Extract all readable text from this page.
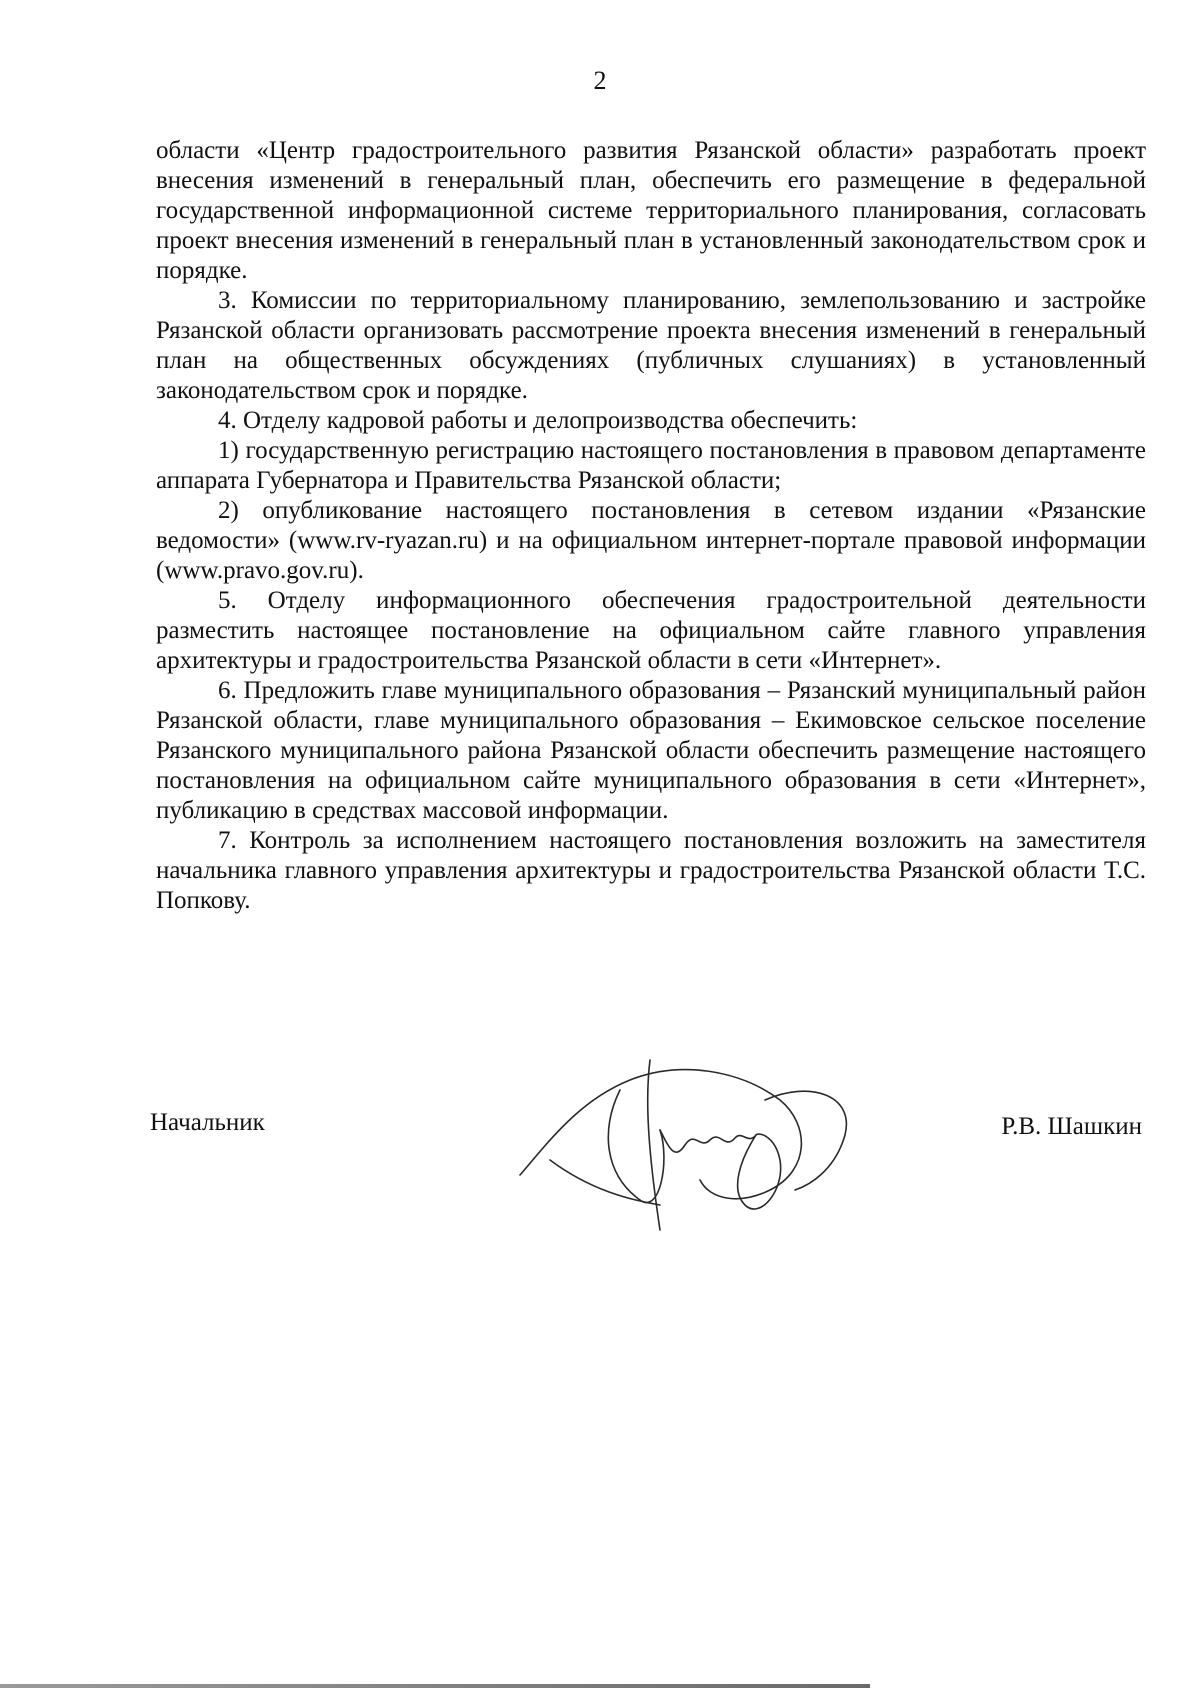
2

области «Центр градостроительного развития Рязанской области» разработать проект внесения изменений в генеральный план, обеспечить его размещение в федеральной государственной информационной системе территориального планирования, согласовать проект внесения изменений в генеральный план в установленный законодательством срок и порядке.

3. Комиссии по территориальному планированию, землепользованию и застройке Рязанской области организовать рассмотрение проекта внесения изменений в генеральный план на общественных обсуждениях (публичных слушаниях) в установленный законодательством срок и порядке.

4. Отделу кадровой работы и делопроизводства обеспечить:

1) государственную регистрацию настоящего постановления в правовом департаменте аппарата Губернатора и Правительства Рязанской области;

2) опубликование настоящего постановления в сетевом издании «Рязанские ведомости» (www.rv-ryazan.ru) и на официальном интернет-портале правовой информации (www.pravo.gov.ru).

5. Отделу информационного обеспечения градостроительной деятельности разместить настоящее постановление на официальном сайте главного управления архитектуры и градостроительства Рязанской области в сети «Интернет».

6. Предложить главе муниципального образования – Рязанский муниципальный район Рязанской области, главе муниципального образования – Екимовское сельское поселение Рязанского муниципального района Рязанской области обеспечить размещение настоящего постановления на официальном сайте муниципального образования в сети «Интернет», публикацию в средствах массовой информации.

7. Контроль за исполнением настоящего постановления возложить на заместителя начальника главного управления архитектуры и градостроительства Рязанской области Т.С. Попкову.

Начальник	Р.В. Шашкин
